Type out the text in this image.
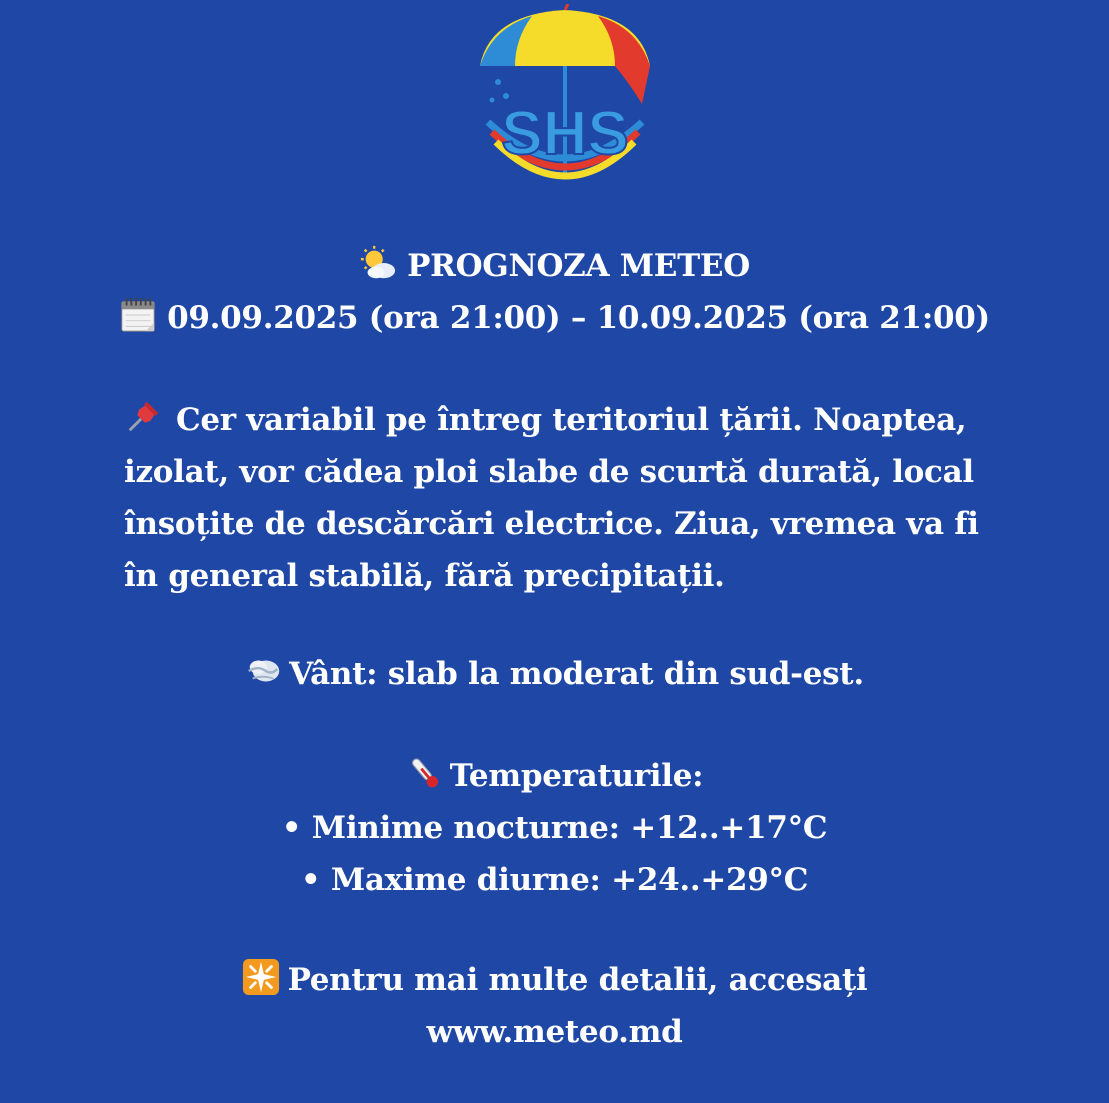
SHS
PROGNOZA METEO
09.09.2025 (ora 21:00) – 10.09.2025 (ora 21:00)
Cer variabil pe întreg teritoriul țării. Noaptea,
izolat, vor cădea ploi slabe de scurtă durată, local
însoțite de descărcări electrice. Ziua, vremea va fi
în general stabilă, fără precipitații.
Vânt: slab la moderat din sud-est.
Temperaturile:
• Minime nocturne: +12..+17°C
• Maxime diurne: +24..+29°C
Pentru mai multe detalii, accesați
www.meteo.md
